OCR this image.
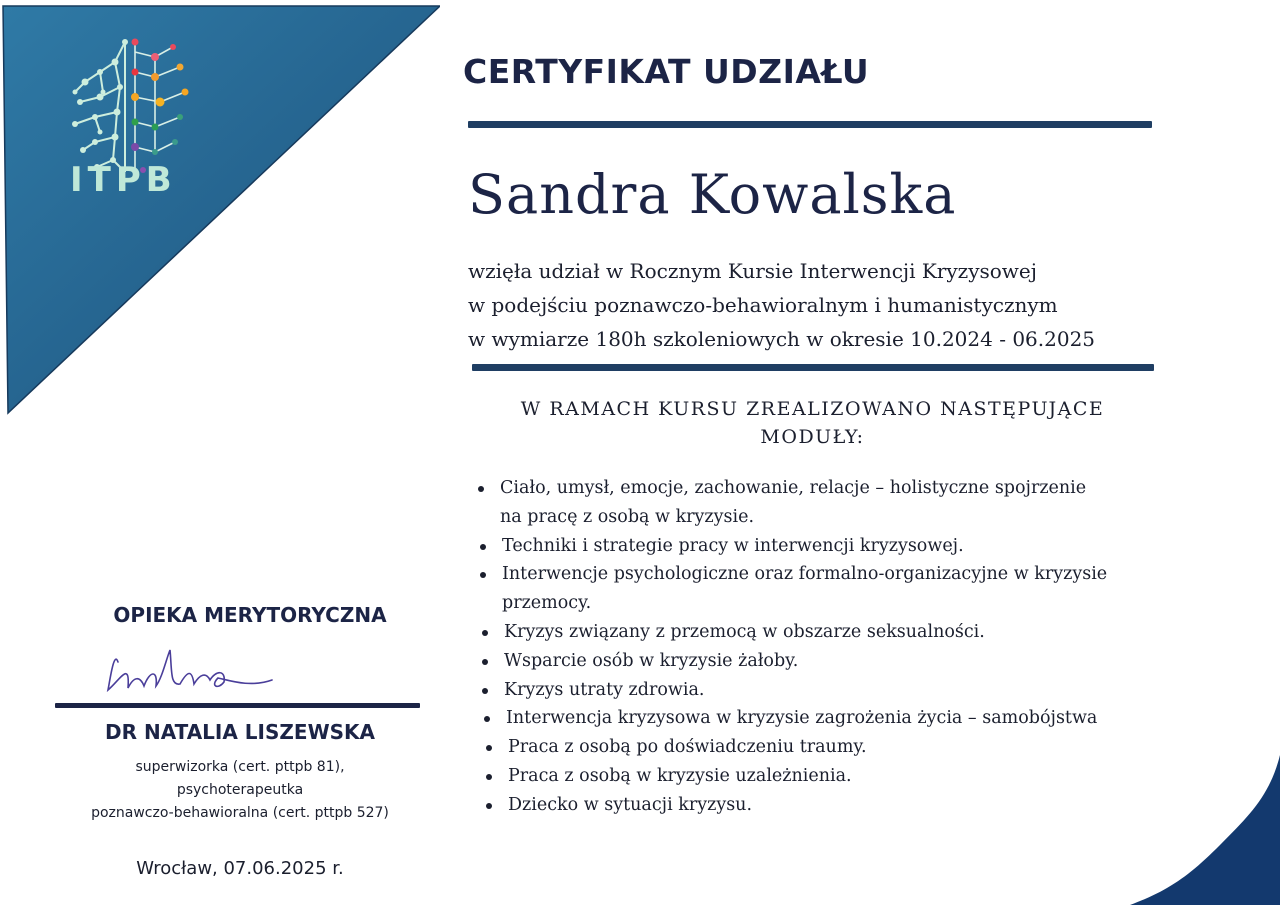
ITPB
CERTYFIKAT UDZIAŁU
Sandra Kowalska
wzięła udział w Rocznym Kursie Interwencji Kryzysowej
w podejściu poznawczo-behawioralnym i humanistycznym
w wymiarze 180h szkoleniowych w okresie 10.2024 - 06.2025
W RAMACH KURSU ZREALIZOWANO NASTĘPUJĄCE
MODUŁY:
Ciało, umysł, emocje, zachowanie, relacje – holistyczne spojrzenie na pracę z osobą w kryzysie.
Techniki i strategie pracy w interwencji kryzysowej.
Interwencje psychologiczne oraz formalno-organizacyjne w kryzysie przemocy.
Kryzys związany z przemocą w obszarze seksualności.
Wsparcie osób w kryzysie żałoby.
Kryzys utraty zdrowia.
Interwencja kryzysowa w kryzysie zagrożenia życia – samobójstwa
Praca z osobą po doświadczeniu traumy.
Praca z osobą w kryzysie uzależnienia.
Dziecko w sytuacji kryzysu.
OPIEKA MERYTORYCZNA
DR NATALIA LISZEWSKA
superwizorka (cert. pttpb 81),
psychoterapeutka
poznawczo-behawioralna (cert. pttpb 527)
Wrocław, 07.06.2025 r.
